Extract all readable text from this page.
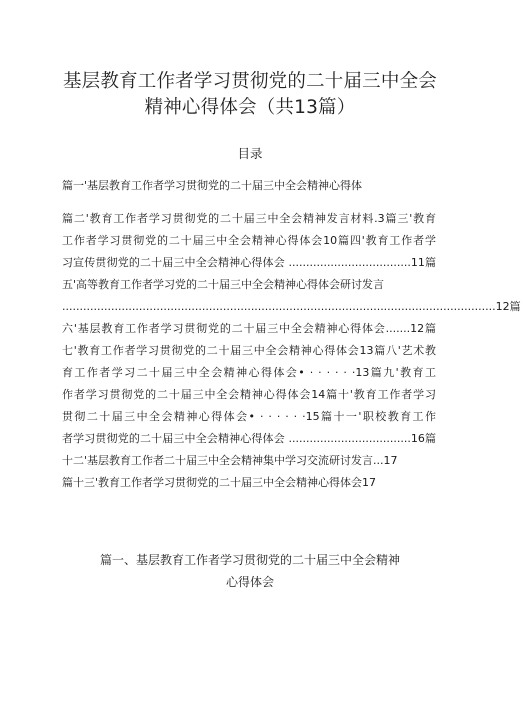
基层教育工作者学习贯彻党的二十届三中全会
精神心得体会（共13篇）
目录
篇一'基层教育工作者学习贯彻党的二十届三中全会精神心得体
篇二'教育工作者学习贯彻党的二十届三中全会精神发言材料.3篇三'教育
工作者学习贯彻党的二十届三中全会精神心得体会10篇四'教育工作者学
习宣传贯彻党的二十届三中全会精神心得体会 ...................................11篇
五'高等教育工作者学习党的二十届三中全会精神心得体会研讨发言
............................................................................................................................12篇
六'基层教育工作者学习贯彻党的二十届三中全会精神心得体会.......12篇
七'教育工作者学习贯彻党的二十届三中全会精神心得体会13篇八'艺术教
育工作者学习二十届三中全会精神心得体会• · · · · · ·13篇九'教育工
作者学习贯彻党的二十届三中全会精神心得体会14篇十'教育工作者学习
贯彻二十届三中全会精神心得体会• · · · · · ·15篇十一'职校教育工作
者学习贯彻党的二十届三中全会精神心得体会 ...................................16篇
十二'基层教育工作者二十届三中全会精神集中学习交流研讨发言...17
篇十三'教育工作者学习贯彻党的二十届三中全会精神心得体会17
篇一、基层教育工作者学习贯彻党的二十届三中全会精神
心得体会
